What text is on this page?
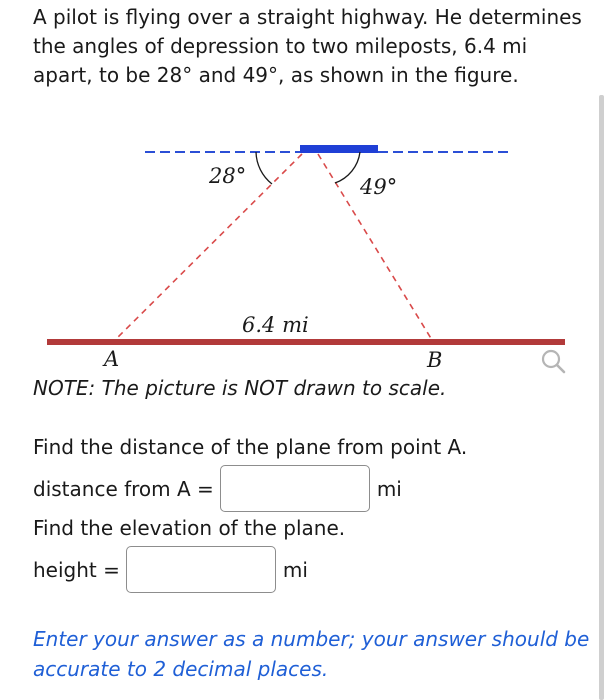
A pilot is flying over a straight highway. He determines the angles of depression to two mileposts, 6.4 mi apart, to be 28° and 49°, as shown in the figure.

28°	49°
6.4 mi
A	B

NOTE: The picture is NOT drawn to scale.

Find the distance of the plane from point A.

distance from A =	mi

Find the elevation of the plane.

height =	mi

Enter your answer as a number; your answer should be accurate to 2 decimal places.
